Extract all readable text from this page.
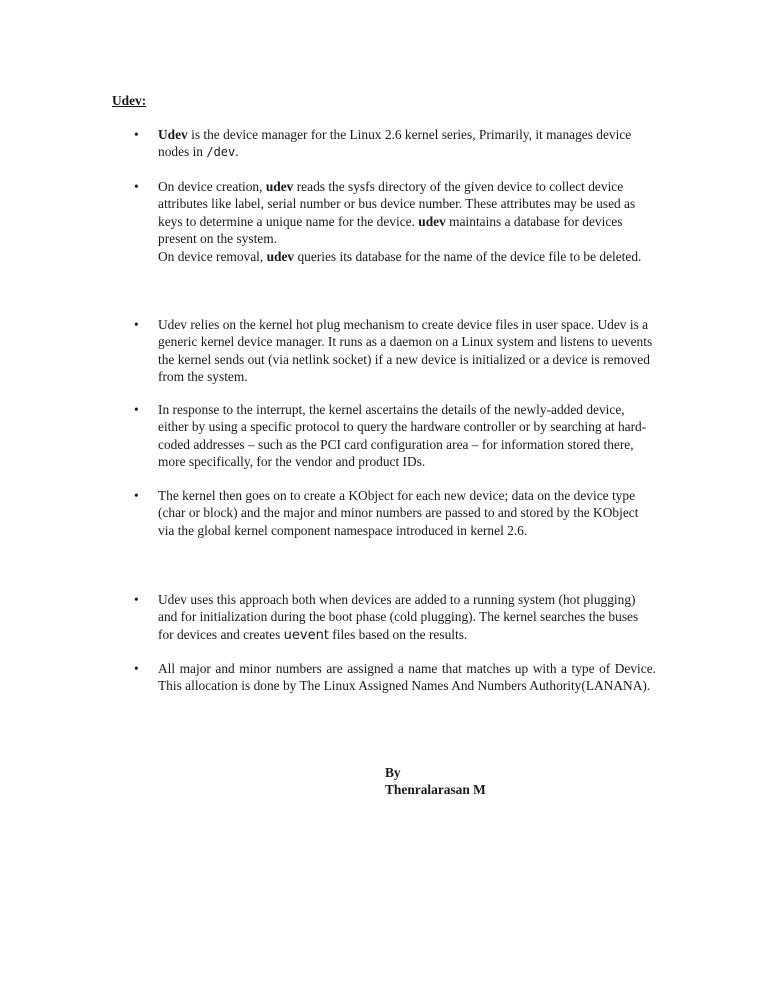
Udev:
• Udev is the device manager for the Linux 2.6 kernel series, Primarily, it manages device nodes in /dev.

• On device creation, udev reads the sysfs directory of the given device to collect device attributes like label, serial number or bus device number. These attributes may be used as keys to determine a unique name for the device. udev maintains a database for devices present on the system.

On device removal, udev queries its database for the name of the device file to be deleted.

• Udev relies on the kernel hot plug mechanism to create device files in user space. Udev is a generic kernel device manager. It runs as a daemon on a Linux system and listens to uevents the kernel sends out (via netlink socket) if a new device is initialized or a device is removed from the system.

• In response to the interrupt, the kernel ascertains the details of the newly-added device, either by using a specific protocol to query the hardware controller or by searching at hard-coded addresses – such as the PCI card configuration area – for information stored there, more specifically, for the vendor and product IDs.

• The kernel then goes on to create a KObject for each new device; data on the device type (char or block) and the major and minor numbers are passed to and stored by the KObject via the global kernel component namespace introduced in kernel 2.6.

• Udev uses this approach both when devices are added to a running system (hot plugging) and for initialization during the boot phase (cold plugging). The kernel searches the buses for devices and creates uevent files based on the results.

• All major and minor numbers are assigned a name that matches up with a type of Device. This allocation is done by The Linux Assigned Names And Numbers Authority(LANANA).

By
Thenralarasan M
